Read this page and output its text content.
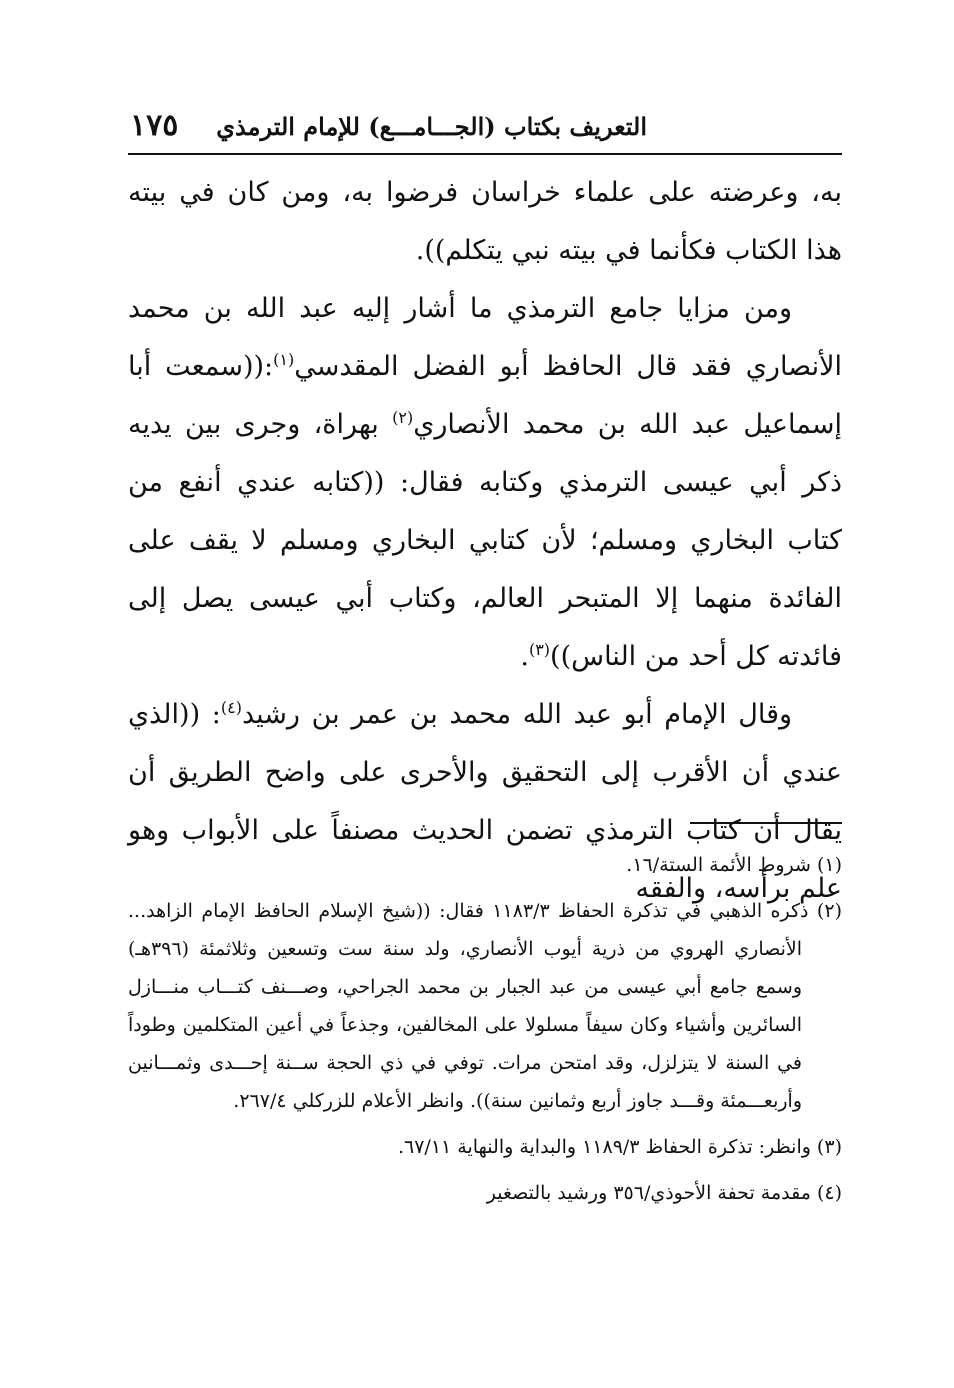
التعريف بكتاب (الجـــامـــع) للإمام الترمذي
١٧٥

به، وعرضته على علماء خراسان فرضوا به، ومن كان في بيته هذا الكتاب فكأنما في بيته نبي يتكلم)).

ومن مزايا جامع الترمذي ما أشار إليه عبد الله بن محمد الأنصاري فقد قال الحافظ أبو الفضل المقدسي$^{(١)}$:((سمعت أبا إسماعيل عبد الله بن محمد الأنصاري$^{(٢)}$ بهراة، وجرى بين يديه ذكر أبي عيسى الترمذي وكتابه فقال: ((كتابه عندي أنفع من كتاب البخاري ومسلم؛ لأن كتابي البخاري ومسلم لا يقف على الفائدة منهما إلا المتبحر العالم، وكتاب أبي عيسى يصل إلى فائدته كل أحد من الناس))$^{(٣)}$.

وقال الإمام أبو عبد الله محمد بن عمر بن رشيد$^{(٤)}$: ((الذي عندي أن الأقرب إلى التحقيق والأحرى على واضح الطريق أن يقال أن كتاب الترمذي تضمن الحديث مصنفاً على الأبواب وهو علم برأسه، والفقه

(١) شروط الأئمة الستة/١٦.

(٢) ذكره الذهبي في تذكرة الحفاظ ١١٨٣/٣ فقال: ((شيخ الإسلام الحافظ الإمام الزاهد... الأنصاري الهروي من ذرية أيوب الأنصاري، ولد سنة ست وتسعين وثلاثمئة (٣٩٦هـ) وسمع جامع أبي عيسى من عبد الجبار بن محمد الجراحي، وصـــنف كتـــاب منـــازل السائرين وأشياء وكان سيفاً مسلولا على المخالفين، وجذعاً في أعين المتكلمين وطوداً في السنة لا يتزلزل، وقد امتحن مرات. توفي في ذي الحجة ســنة إحـــدى وثمـــانين وأربعـــمئة وقـــد جاوز أربع وثمانين سنة)). وانظر الأعلام للزركلي ٢٦٧/٤.

(٣) وانظر: تذكرة الحفاظ ١١٨٩/٣ والبداية والنهاية ٦٧/١١.

(٤) مقدمة تحفة الأحوذي/٣٥٦ ورشيد بالتصغير
